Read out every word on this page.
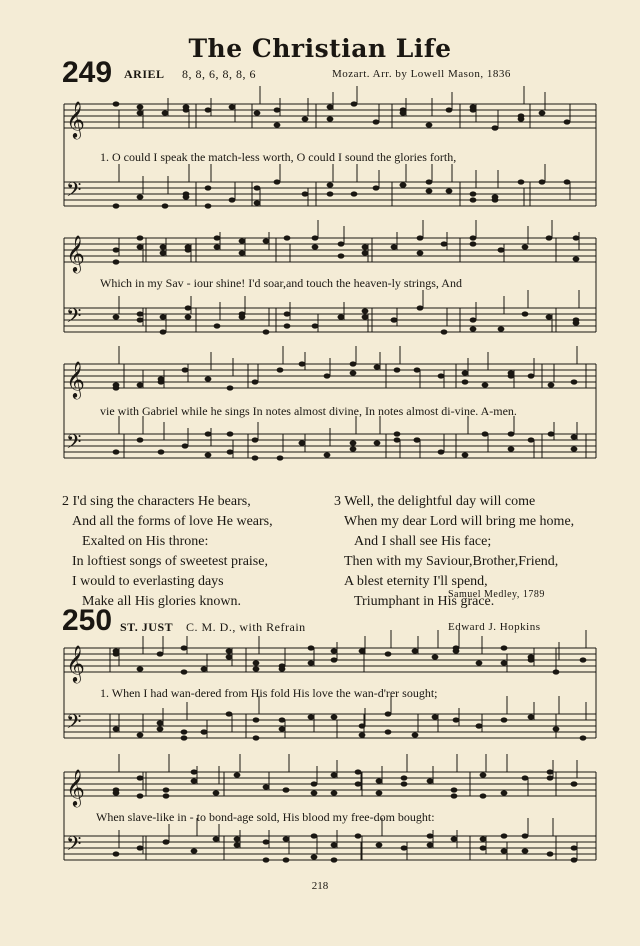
The Christian Life
249 ARIEL 8, 8, 6, 8, 8, 6	Mozart. Arr. by Lowell Mason, 1836
𝄞
𝄢
𝄞
𝄢
𝄞
𝄢
𝄞
𝄢
𝄞
𝄢
1. O could I speak the match-less worth, O could I sound the glories forth,
Which in my Sav - iour shine! I'd soar,and touch the heaven-ly strings, And
vie with Gabriel while he sings In notes almost divine, In notes almost di-vine. A-men.
2 I'd sing the characters He bears,
And all the forms of love He wears,
Exalted on His throne:
In loftiest songs of sweetest praise,
I would to everlasting days
Make all His glories known.
3 Well, the delightful day will come
When my dear Lord will bring me home,
And I shall see His face;
Then with my Saviour,Brother,Friend,
A blest eternity I'll spend,
Triumphant in His grace.
Samuel Medley, 1789
250 ST. JUST C. M. D., with Refrain	Edward J. Hopkins
1. When I had wan-dered from His fold His love the wan-d'rer sought;
When slave-like in - to bond-age sold, His blood my free-dom bought:
218
